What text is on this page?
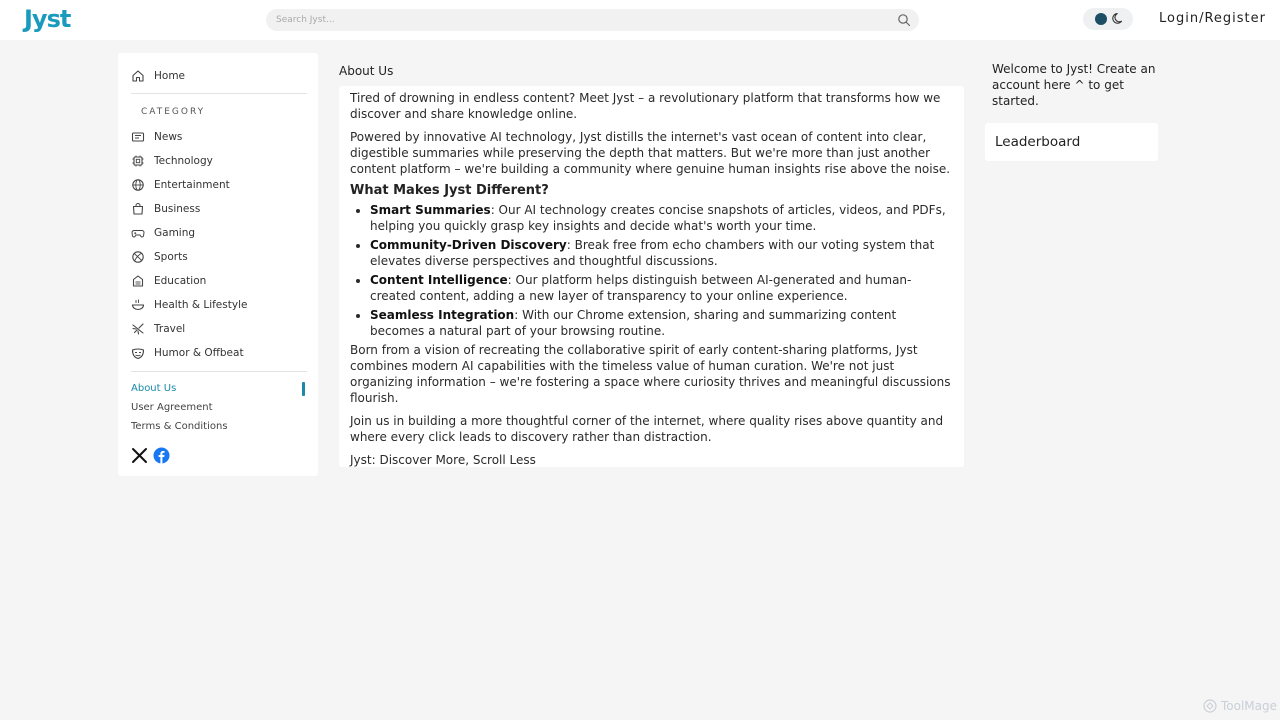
Jyst
Search Jyst...	Login/Register
Home
CATEGORY
News
Technology
Entertainment
Business
Gaming
Sports
Education
Health & Lifestyle
Travel
Humor & Offbeat
About Us
User Agreement
Terms & Conditions
About Us

Tired of drowning in endless content? Meet Jyst – a revolutionary platform that transforms how we discover and share knowledge online.

Powered by innovative AI technology, Jyst distills the internet's vast ocean of content into clear, digestible summaries while preserving the depth that matters. But we're more than just another content platform – we're building a community where genuine human insights rise above the noise.

What Makes Jyst Different?
• Smart Summaries: Our AI technology creates concise snapshots of articles, videos, and PDFs, helping you quickly grasp key insights and decide what's worth your time.
• Community-Driven Discovery: Break free from echo chambers with our voting system that elevates diverse perspectives and thoughtful discussions.
• Content Intelligence: Our platform helps distinguish between AI-generated and human-created content, adding a new layer of transparency to your online experience.
• Seamless Integration: With our Chrome extension, sharing and summarizing content becomes a natural part of your browsing routine.

Born from a vision of recreating the collaborative spirit of early content-sharing platforms, Jyst combines modern AI capabilities with the timeless value of human curation. We're not just organizing information – we're fostering a space where curiosity thrives and meaningful discussions flourish.

Join us in building a more thoughtful corner of the internet, where quality rises above quantity and where every click leads to discovery rather than distraction.

Jyst: Discover More, Scroll Less

Welcome to Jyst! Create an account here ^ to get started.
Leaderboard
ToolMage
